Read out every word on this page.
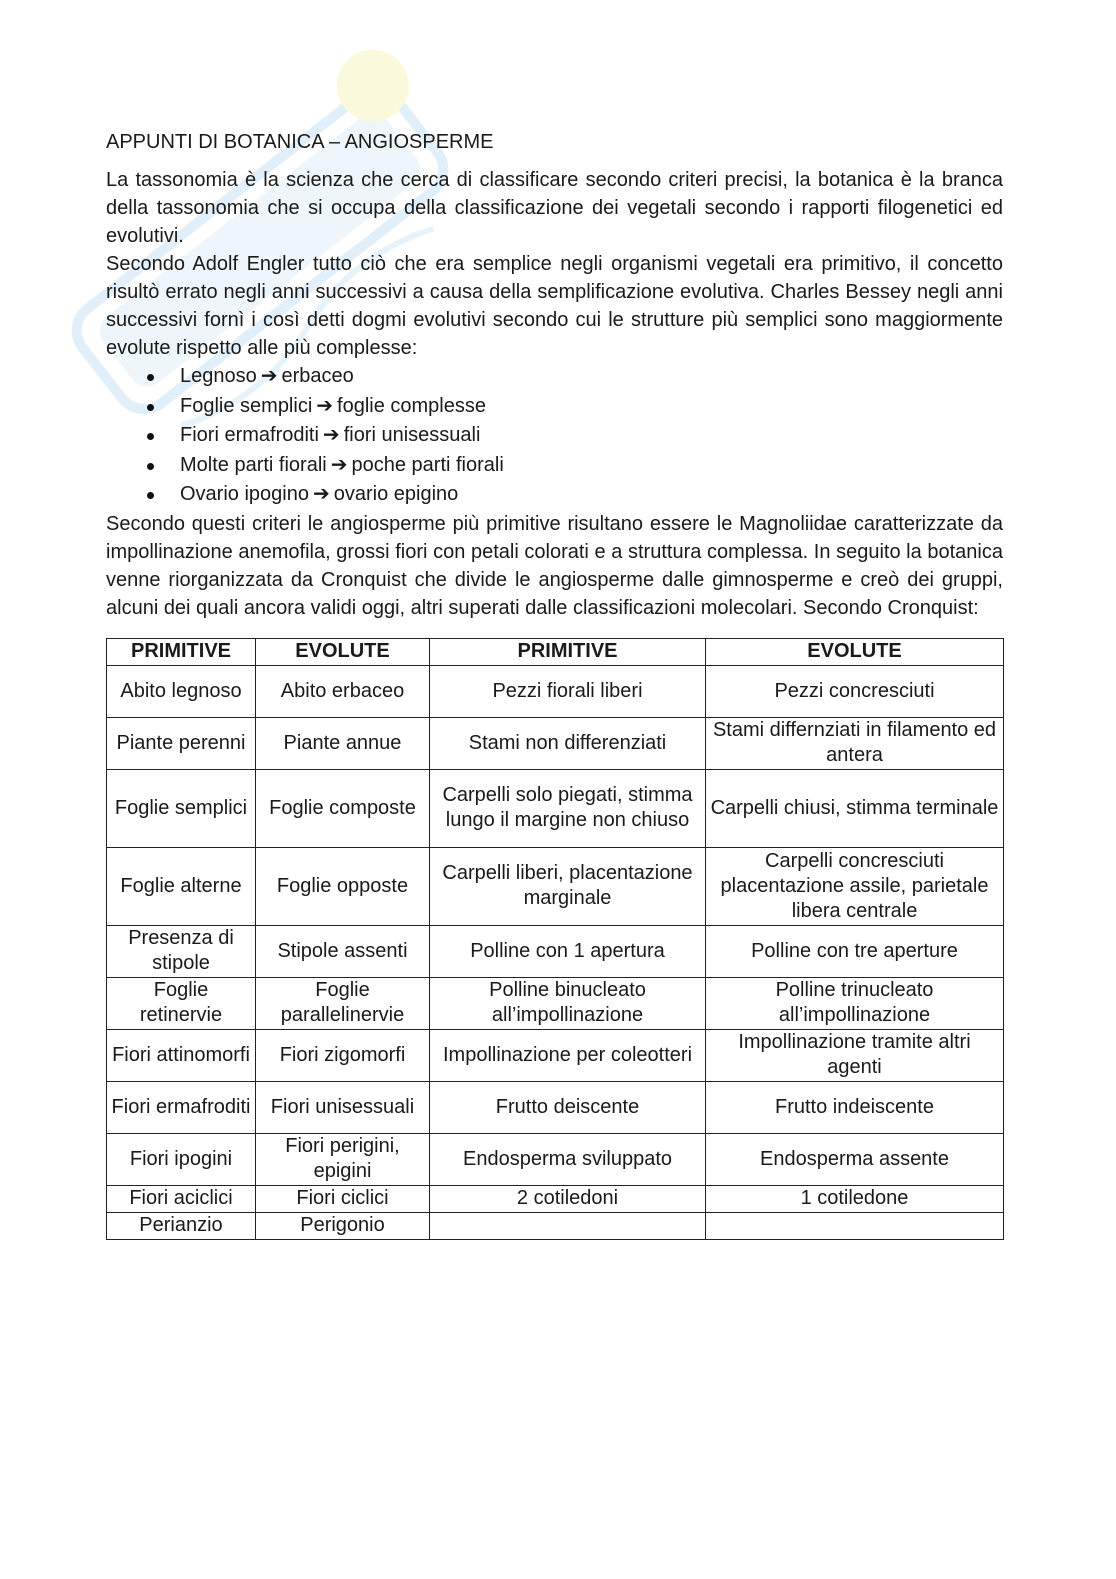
APPUNTI DI BOTANICA – ANGIOSPERME

La tassonomia è la scienza che cerca di classificare secondo criteri precisi, la botanica è la branca della tassonomia che si occupa della classificazione dei vegetali secondo i rapporti filogenetici ed evolutivi.

Secondo Adolf Engler tutto ciò che era semplice negli organismi vegetali era primitivo, il concetto risultò errato negli anni successivi a causa della semplificazione evolutiva. Charles Bessey negli anni successivi fornì i così detti dogmi evolutivi secondo cui le strutture più semplici sono maggiormente evolute rispetto alle più complesse:

Legnoso ➔ erbaceo
Foglie semplici ➔ foglie complesse
Fiori ermafroditi ➔ fiori unisessuali
Molte parti fiorali ➔ poche parti fiorali
Ovario ipogino ➔ ovario epigino

Secondo questi criteri le angiosperme più primitive risultano essere le Magnoliidae caratterizzate da impollinazione anemofila, grossi fiori con petali colorati e a struttura complessa. In seguito la botanica venne riorganizzata da Cronquist che divide le angiosperme dalle gimnosperme e creò dei gruppi, alcuni dei quali ancora validi oggi, altri superati dalle classificazioni molecolari. Secondo Cronquist:

PRIMITIVE	EVOLUTE	PRIMITIVE	EVOLUTE
Abito legnoso	Abito erbaceo	Pezzi fiorali liberi	Pezzi concresciuti
Piante perenni	Piante annue	Stami non differenziati	Stami differnziati in filamento ed antera
Foglie semplici	Foglie composte	Carpelli solo piegati, stimma lungo il margine non chiuso	Carpelli chiusi, stimma terminale
Foglie alterne	Foglie opposte	Carpelli liberi, placentazione marginale	Carpelli concresciuti placentazione assile, parietale libera centrale
Presenza di stipole	Stipole assenti	Polline con 1 apertura	Polline con tre aperture
Foglie retinervie	Foglie parallelinervie	Polline binucleato all’impollinazione	Polline trinucleato all’impollinazione
Fiori attinomorfi	Fiori zigomorfi	Impollinazione per coleotteri	Impollinazione tramite altri agenti
Fiori ermafroditi	Fiori unisessuali	Frutto deiscente	Frutto indeiscente
Fiori ipogini	Fiori perigini, epigini	Endosperma sviluppato	Endosperma assente
Fiori aciclici	Fiori ciclici	2 cotiledoni	1 cotiledone
Perianzio	Perigonio		
